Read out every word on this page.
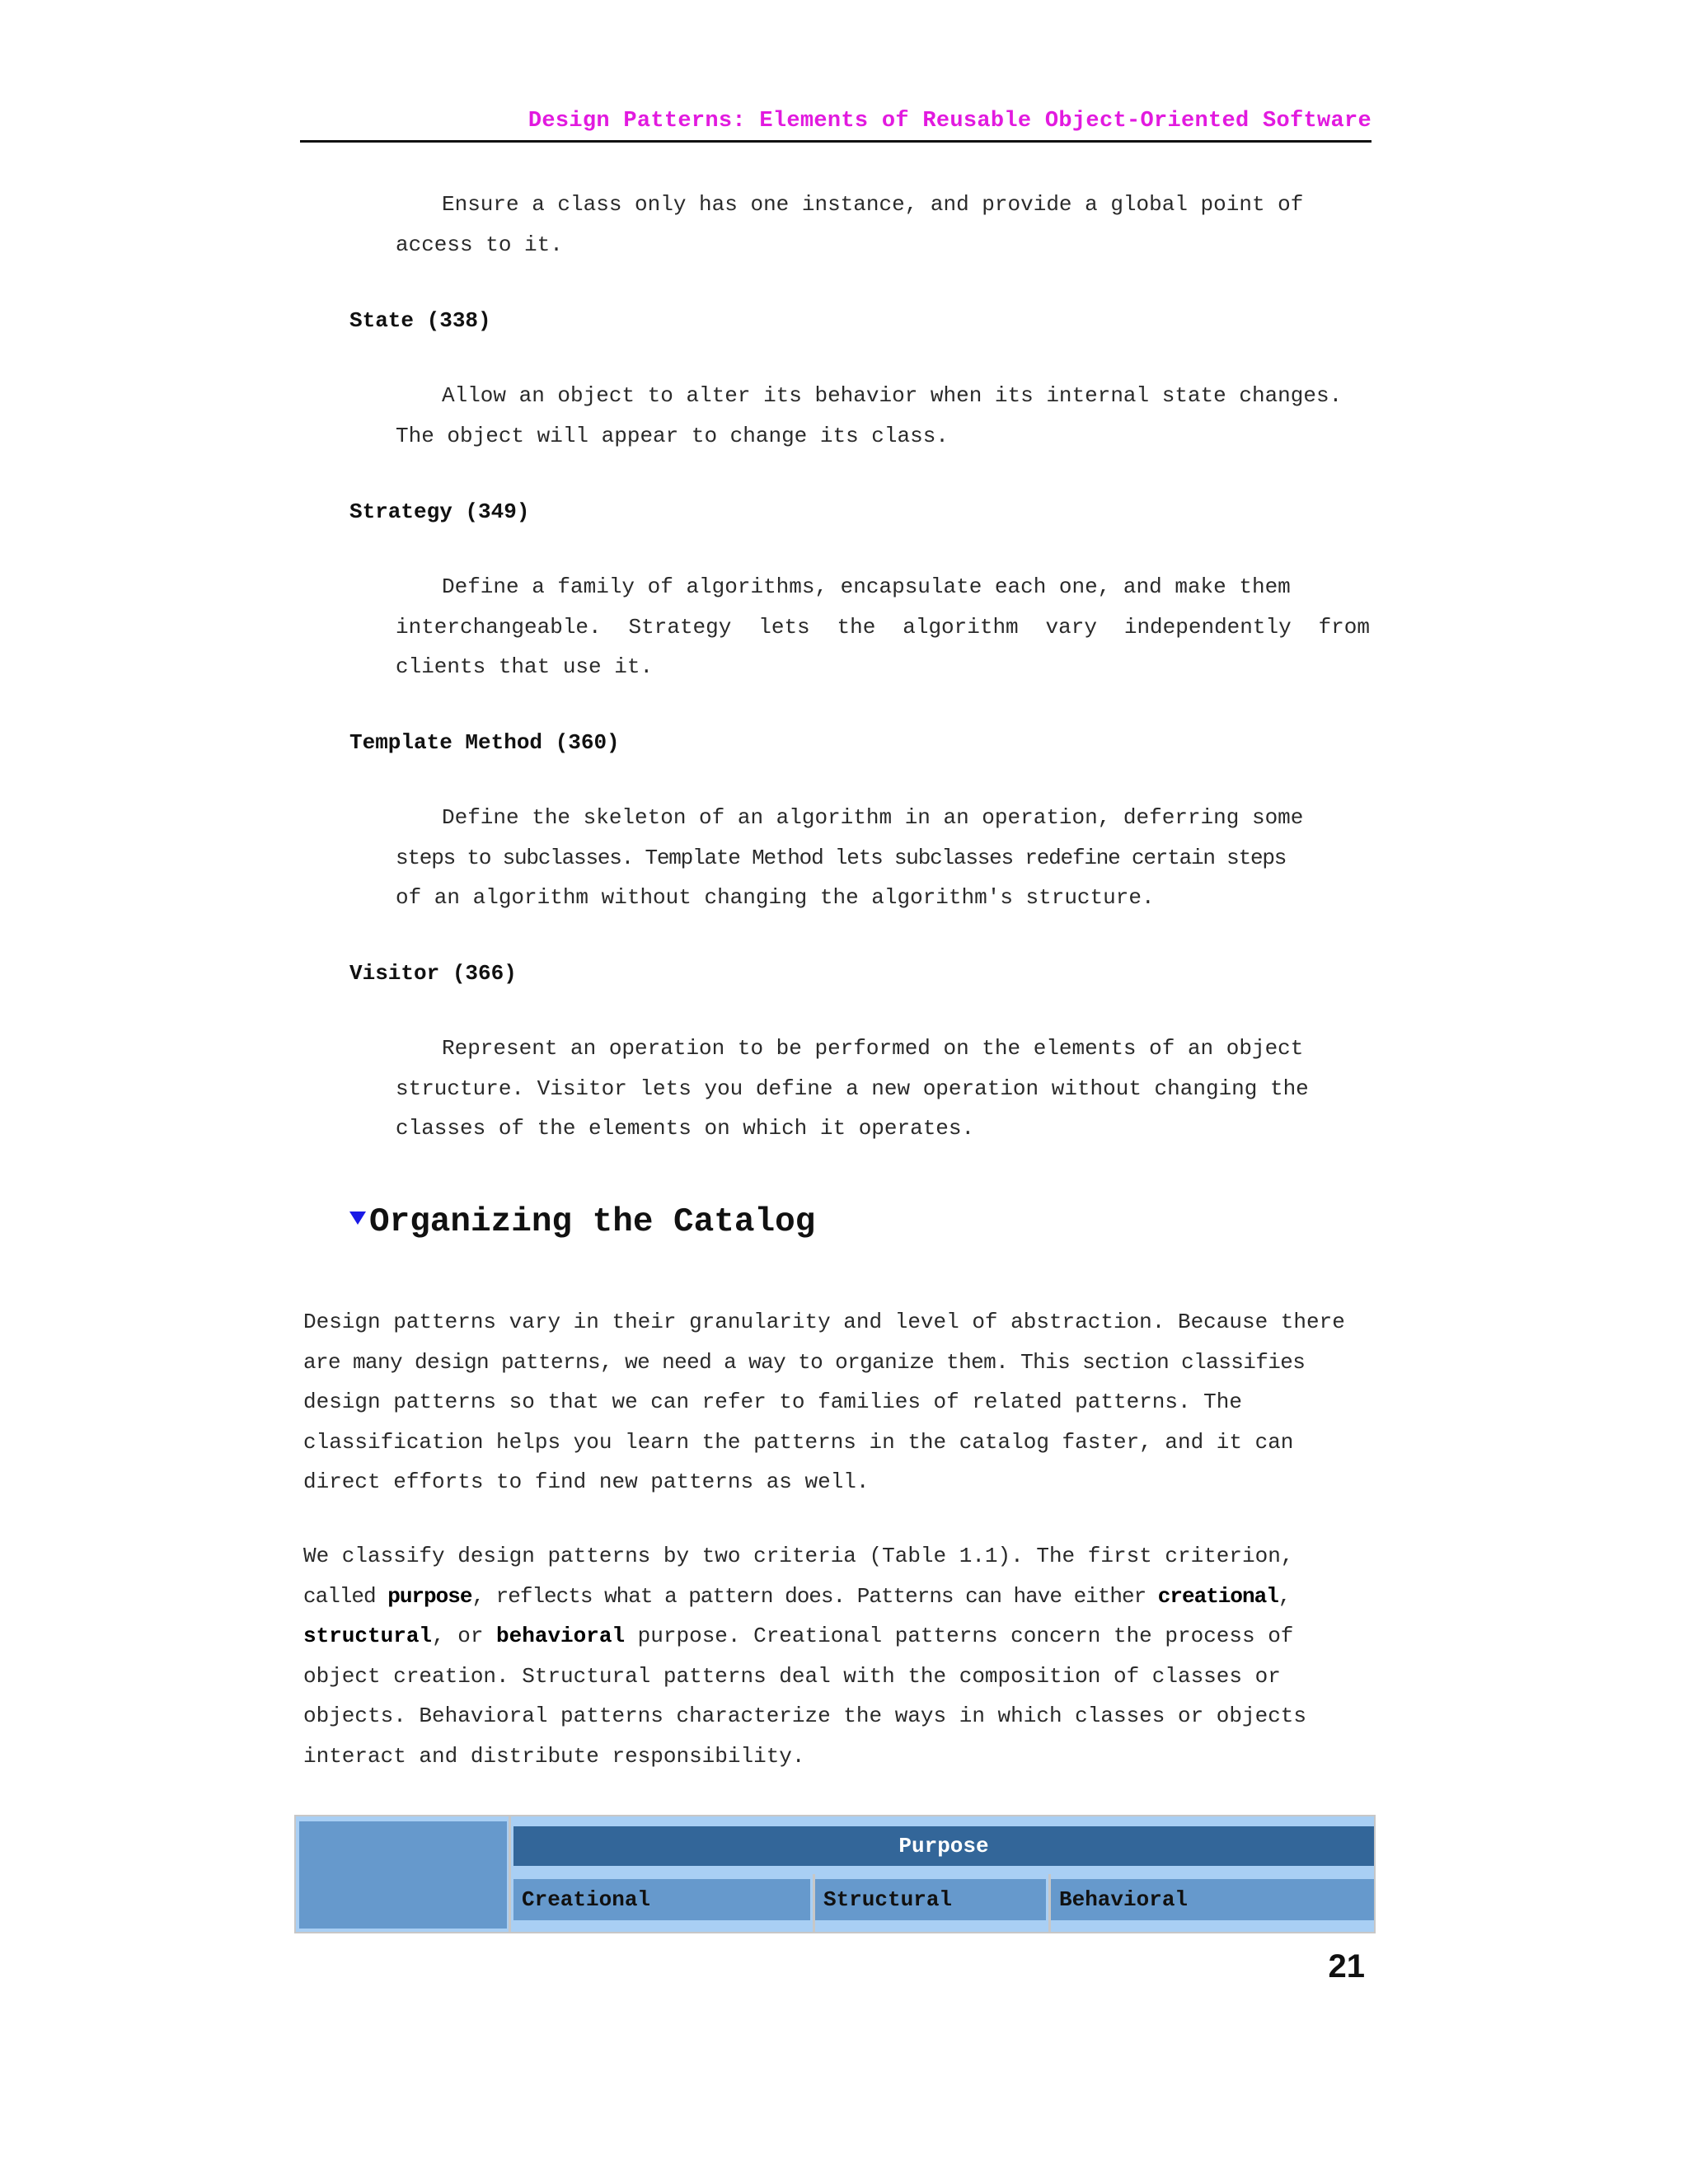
Design Patterns: Elements of Reusable Object-Oriented Software
Ensure a class only has one instance, and provide a global point of
access to it.
State (338)
Allow an object to alter its behavior when its internal state changes.
The object will appear to change its class.
Strategy (349)
Define a family of algorithms, encapsulate each one, and make them
interchangeable. Strategy lets the algorithm vary independently from
clients that use it.
Template Method (360)
Define the skeleton of an algorithm in an operation, deferring some
steps to subclasses. Template Method lets subclasses redefine certain steps
of an algorithm without changing the algorithm's structure.
Visitor (366)
Represent an operation to be performed on the elements of an object
structure. Visitor lets you define a new operation without changing the
classes of the elements on which it operates.
Organizing the Catalog
Design patterns vary in their granularity and level of abstraction. Because there
are many design patterns, we need a way to organize them. This section classifies
design patterns so that we can refer to families of related patterns. The
classification helps you learn the patterns in the catalog faster, and it can
direct efforts to find new patterns as well.
We classify design patterns by two criteria (Table 1.1). The first criterion,
called purpose, reflects what a pattern does. Patterns can have either creational,
structural, or behavioral purpose. Creational patterns concern the process of
object creation. Structural patterns deal with the composition of classes or
objects. Behavioral patterns characterize the ways in which classes or objects
interact and distribute responsibility.
Purpose
Creational	Structural	Behavioral
21
